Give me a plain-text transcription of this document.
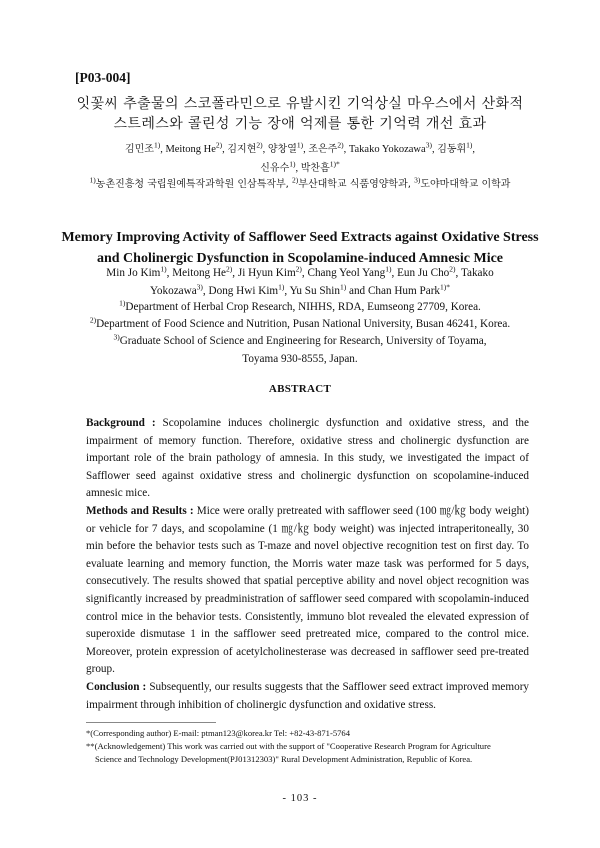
[P03-004]
잇꽃씨 추출물의 스코폴라민으로 유발시킨 기억상실 마우스에서 산화적
스트레스와 콜린성 기능 장애 억제를 통한 기억력 개선 효과
김민조$^{1)}$, Meitong He$^{2)}$, 김지현$^{2)}$, 양창열$^{1)}$, 조은주$^{2)}$, Takako Yokozawa$^{3)}$, 김동휘$^{1)}$,
신유수$^{1)}$, 박찬흠$^{1)*}$
$^{1)}$농촌진흥청 국립원예특작과학원 인삼특작부, $^{2)}$부산대학교 식품영양학과, $^{3)}$도야마대학교 이학과
Memory Improving Activity of Safflower Seed Extracts against Oxidative Stress
and Cholinergic Dysfunction in Scopolamine-induced Amnesic Mice
Min Jo Kim$^{1)}$, Meitong He$^{2)}$, Ji Hyun Kim$^{2)}$, Chang Yeol Yang$^{1)}$, Eun Ju Cho$^{2)}$, Takako Yokozawa$^{3)}$, Dong Hwi Kim$^{1)}$, Yu Su Shin$^{1)}$ and Chan Hum Park$^{1)*}$
$^{1)}$Department of Herbal Crop Research, NIHHS, RDA, Eumseong 27709, Korea.
$^{2)}$Department of Food Science and Nutrition, Pusan National University, Busan 46241, Korea.
$^{3)}$Graduate School of Science and Engineering for Research, University of Toyama, Toyama 930-8555, Japan.
ABSTRACT

Background : Scopolamine induces cholinergic dysfunction and oxidative stress, and the impairment of memory function. Therefore, oxidative stress and cholinergic dysfunction are important role of the brain pathology of amnesia. In this study, we investigated the impact of Safflower seed against oxidative stress and cholinergic dysfunction on scopolamine-induced amnesic mice.

Methods and Results : Mice were orally pretreated with safflower seed (100 ㎎/㎏ body weight) or vehicle for 7 days, and scopolamine (1 ㎎/㎏ body weight) was injected intraperitoneally, 30 min before the behavior tests such as T-maze and novel objective recognition test on first day. To evaluate learning and memory function, the Morris water maze task was performed for 5 days, consecutively. The results showed that spatial perceptive ability and novel object recognition was significantly increased by preadministration of safflower seed compared with scopolamin-induced control mice in the behavior tests. Consistently, immuno blot revealed the elevated expression of superoxide dismutase 1 in the safflower seed pretreated mice, compared to the control mice. Moreover, protein expression of acetylcholinesterase was decreased in safflower seed pre-treated group.

Conclusion : Subsequently, our results suggests that the Safflower seed extract improved memory impairment through inhibition of cholinergic dysfunction and oxidative stress.

*(Corresponding author) E-mail: ptman123@korea.kr Tel: +82-43-871-5764
**(Acknowledgement) This work was carried out with the support of "Cooperative Research Program for Agriculture
Science and Technology Development(PJ01312303)" Rural Development Administration, Republic of Korea.
- 103 -
